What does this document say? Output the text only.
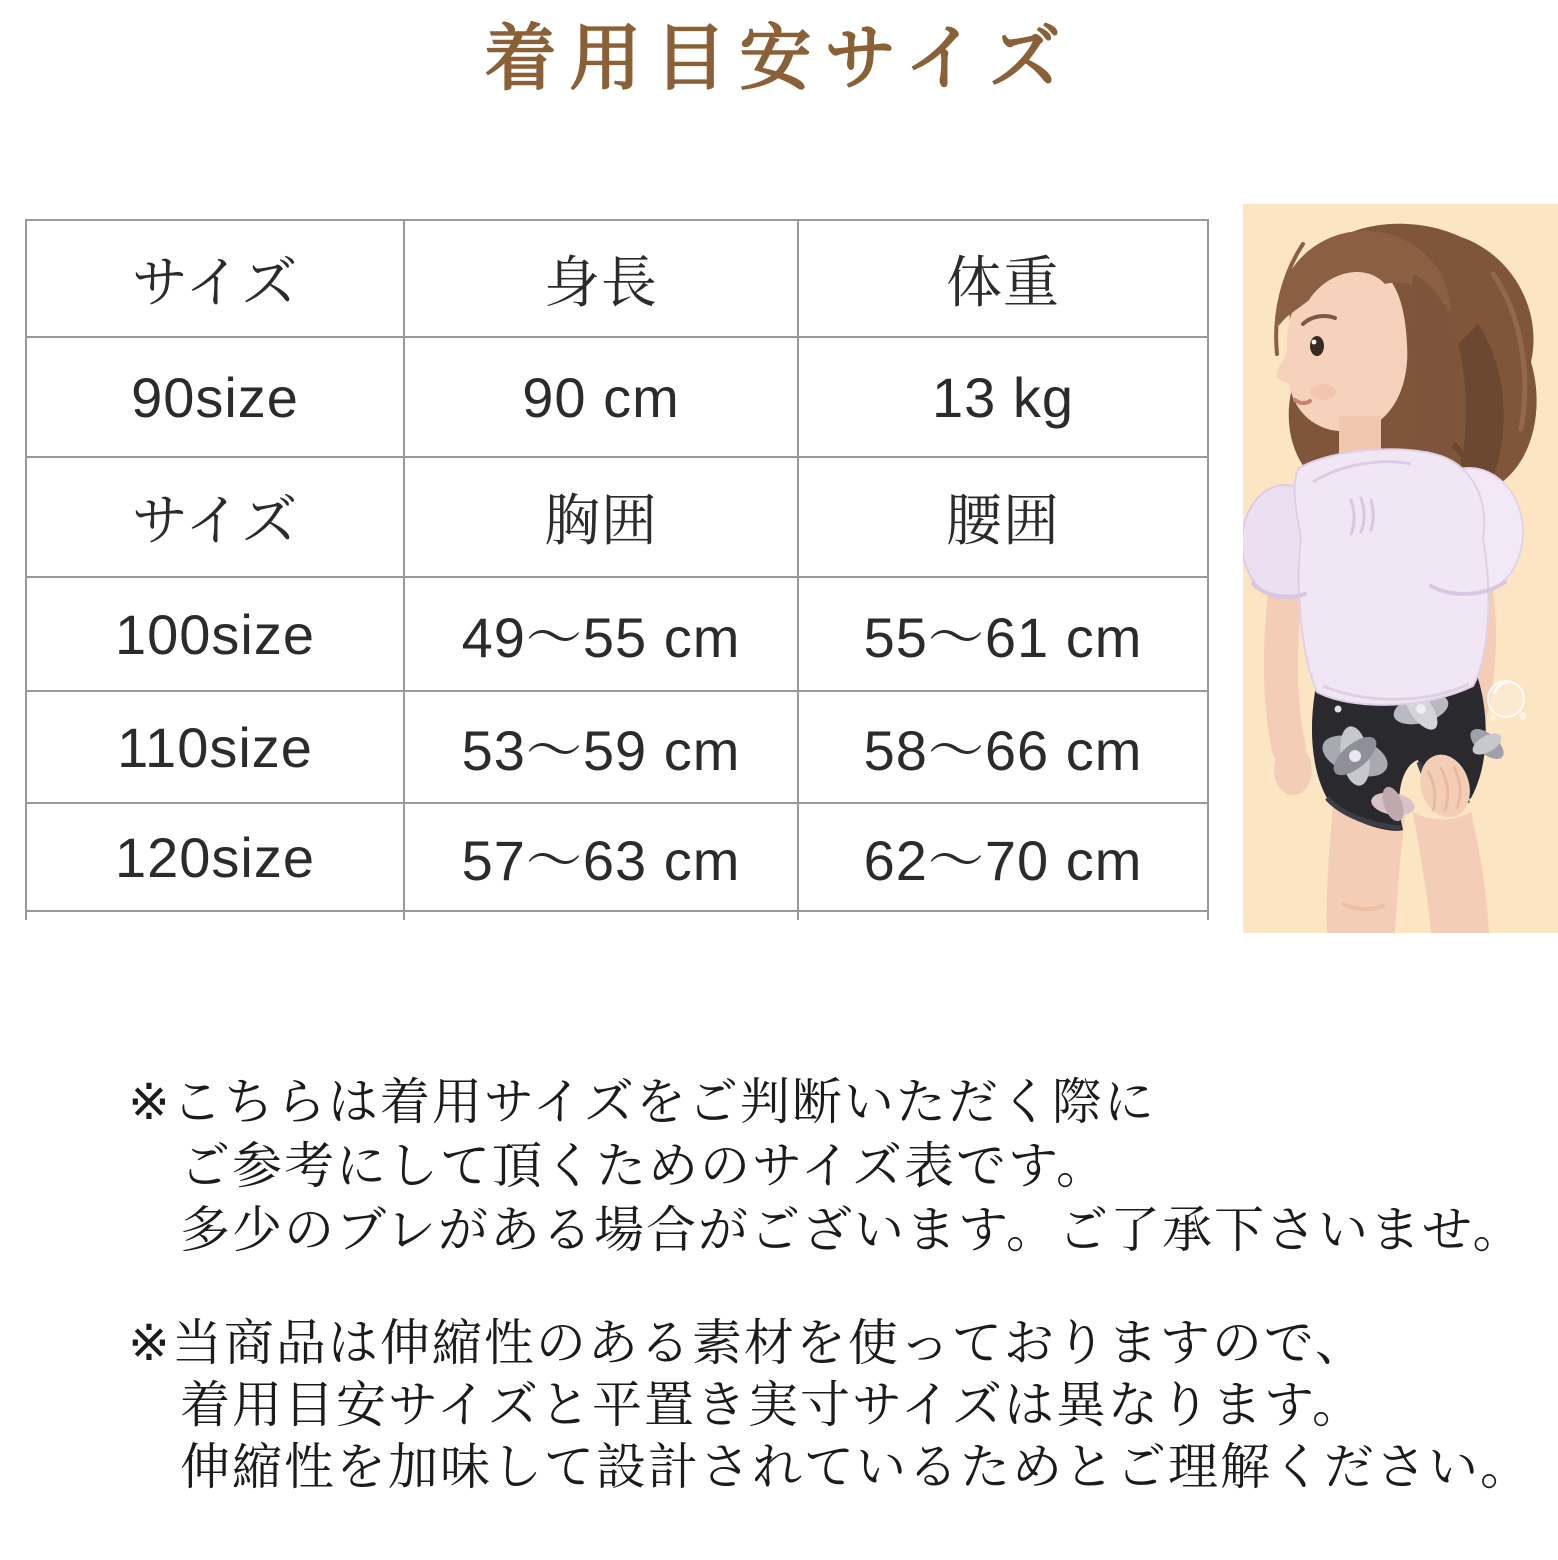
着用目安サイズ
サイズ	身長	体重
90size	90 cm	13 kg
サイズ	胸囲	腰囲
100size	49〜55 cm	55〜61 cm
110size	53〜59 cm	58〜66 cm
120size	57〜63 cm	62〜70 cm

※こちらは着用サイズをご判断いただく際に
ご参考にして頂くためのサイズ表です。
多少のブレがある場合がございます。ご了承下さいませ。
※当商品は伸縮性のある素材を使っておりますので、
着用目安サイズと平置き実寸サイズは異なります。
伸縮性を加味して設計されているためとご理解ください。
